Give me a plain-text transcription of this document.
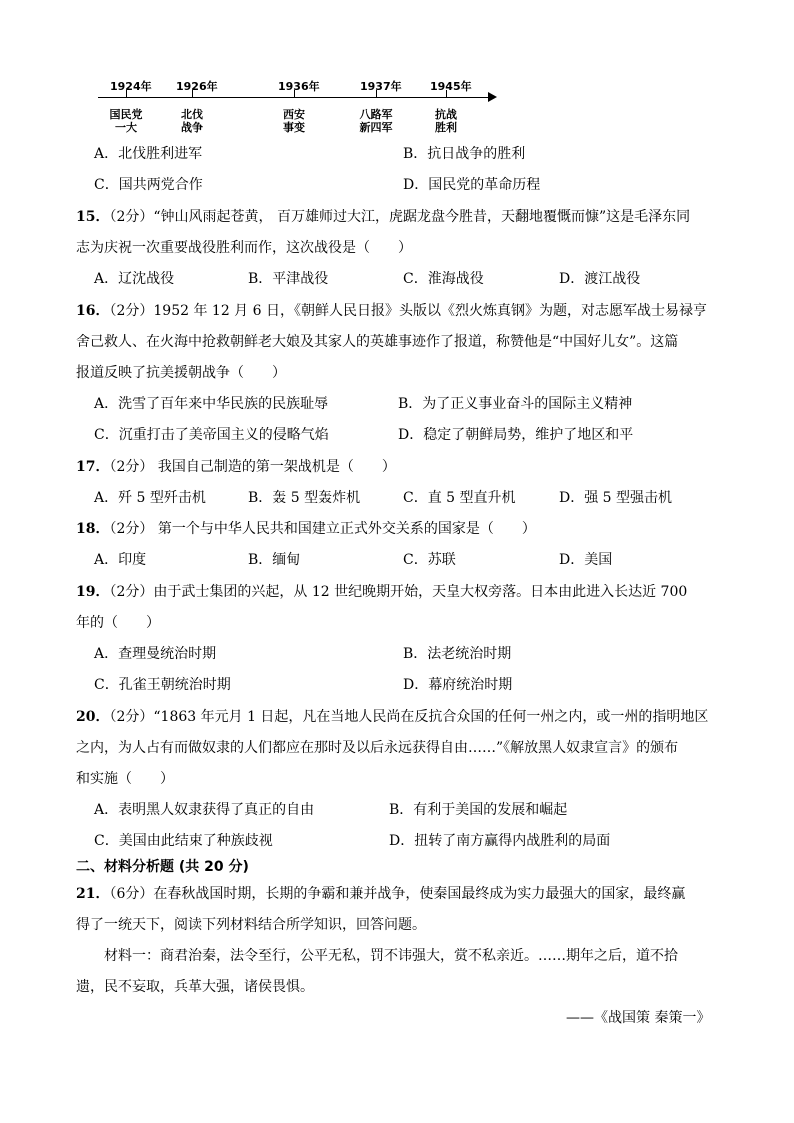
1924年 1926年	1936年	1937年	1945年
国民党
一大
北伐
战争
西安
事变
八路军
新四军
抗战
胜利
A．北伐胜利进军	B．抗日战争的胜利
C．国共两党合作	D．国民党的革命历程
15．（2分）“钟山风雨起苍黄， 百万雄师过大江，虎踞龙盘今胜昔，天翻地覆慨而慷”这是毛泽东同
志为庆祝一次重要战役胜利而作，这次战役是（　　）
A．辽沈战役	B．平津战役	C．淮海战役	D．渡江战役
16．（2分）1952 年 12 月 6 日，《朝鲜人民日报》头版以《烈火炼真钢》为题，对志愿军战士易禄亨
舍己救人、在火海中抢救朝鲜老大娘及其家人的英雄事迹作了报道，称赞他是“中国好儿女”。这篇
报道反映了抗美援朝战争（　　）
A．洗雪了百年来中华民族的民族耻辱	B．为了正义事业奋斗的国际主义精神
C．沉重打击了美帝国主义的侵略气焰	D．稳定了朝鲜局势，维护了地区和平
17．（2分） 我国自己制造的第一架战机是（　　）
A．歼 5 型歼击机	B．轰 5 型轰炸机	C．直 5 型直升机	D．强 5 型强击机
18．（2分） 第一个与中华人民共和国建立正式外交关系的国家是（　　）
A．印度	B．缅甸	C．苏联	D．美国
19．（2分）由于武士集团的兴起，从 12 世纪晚期开始，天皇大权旁落。日本由此进入长达近 700
年的（　　）
A．查理曼统治时期	B．法老统治时期
C．孔雀王朝统治时期	D．幕府统治时期
20．（2分）“1863 年元月 1 日起，凡在当地人民尚在反抗合众国的任何一州之内，或一州的指明地区
之内，为人占有而做奴隶的人们都应在那时及以后永远获得自由……”《解放黑人奴隶宣言》的颁布
和实施（　　）
A．表明黑人奴隶获得了真正的自由	B．有利于美国的发展和崛起
C．美国由此结束了种族歧视	D．扭转了南方赢得内战胜利的局面
二、材料分析题 (共 20 分)
21．（6分）在春秋战国时期，长期的争霸和兼并战争，使秦国最终成为实力最强大的国家，最终赢
得了一统天下，阅读下列材料结合所学知识，回答问题。
材料一：商君治秦，法令至行，公平无私，罚不讳强大，赏不私亲近。……期年之后，道不拾
遗，民不妄取，兵革大强，诸侯畏惧。
——《战国策 秦策一》
